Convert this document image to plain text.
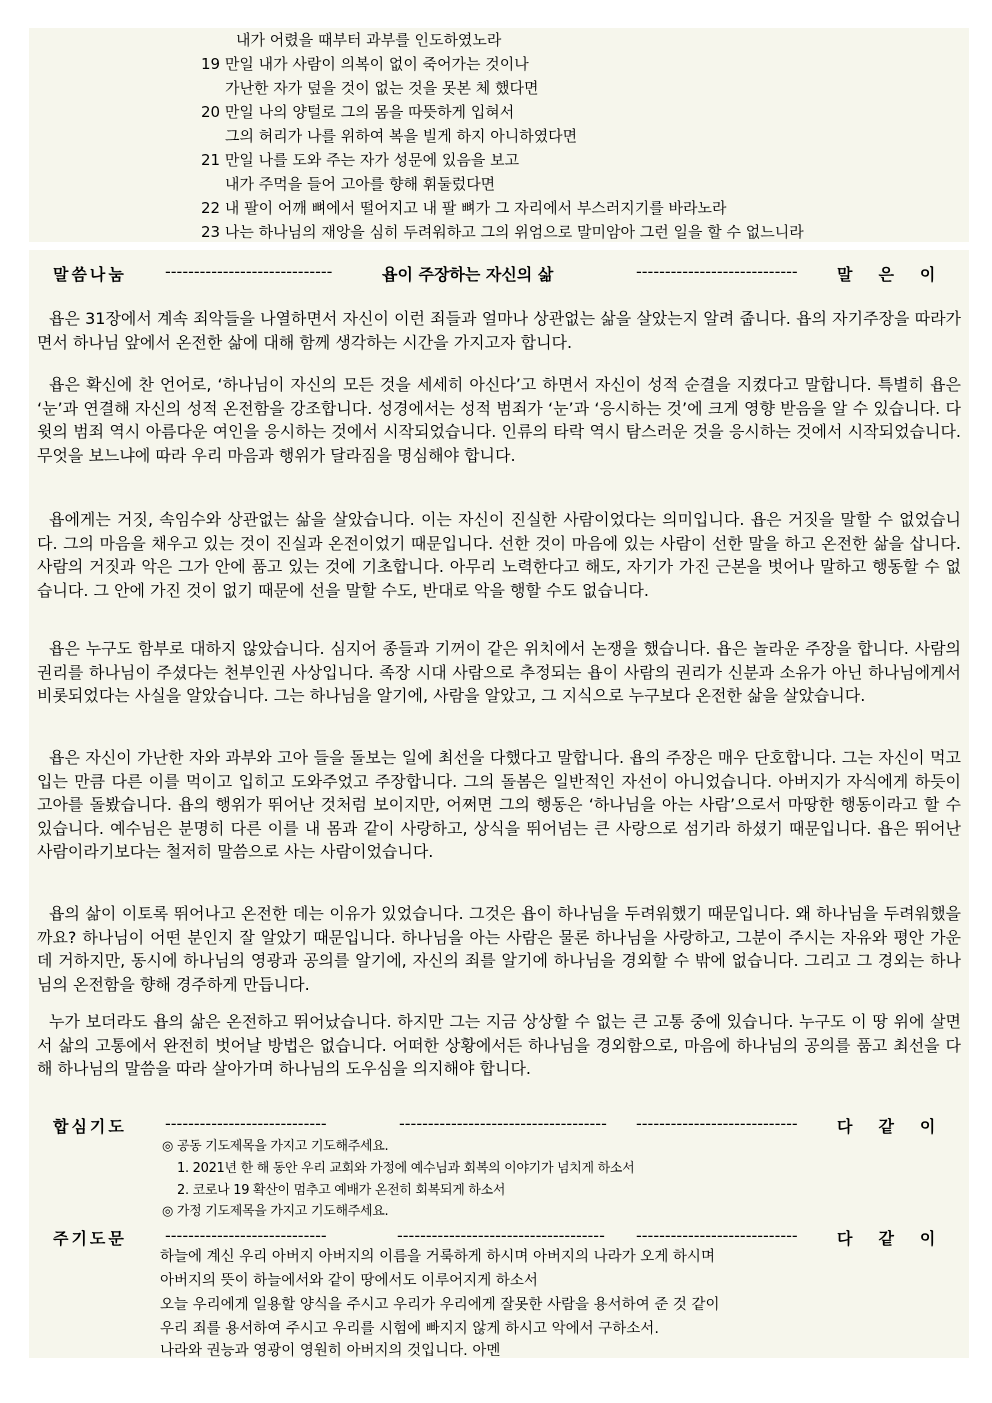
내가 어렸을 때부터 과부를 인도하였노라
19 만일 내가 사람이 의복이 없이 죽어가는 것이나
가난한 자가 덮을 것이 없는 것을 못본 체 했다면
20 만일 나의 양털로 그의 몸을 따뜻하게 입혀서
그의 허리가 나를 위하여 복을 빌게 하지 아니하였다면
21 만일 나를 도와 주는 자가 성문에 있음을 보고
내가 주먹을 들어 고아를 향해 휘둘렀다면
22 내 팔이 어깨 뼈에서 떨어지고 내 팔 뼈가 그 자리에서 부스러지기를 바라노라
23 나는 하나님의 재앙을 심히 두려워하고 그의 위엄으로 말미암아 그런 일을 할 수 없느니라
말씀나눔 -----------------------------	욥이 주장하는 자신의 삶	---------------------------- 말은이

욥은 31장에서 계속 죄악들을 나열하면서 자신이 이런 죄들과 얼마나 상관없는 삶을 살았는지 알려 줍니다. 욥의 자기주장을 따라가면서 하나님 앞에서 온전한 삶에 대해 함께 생각하는 시간을 가지고자 합니다.

욥은 확신에 찬 언어로, ‘하나님이 자신의 모든 것을 세세히 아신다’고 하면서 자신이 성적 순결을 지켰다고 말합니다. 특별히 욥은 ‘눈’과 연결해 자신의 성적 온전함을 강조합니다. 성경에서는 성적 범죄가 ‘눈’과 ‘응시하는 것’에 크게 영향 받음을 알 수 있습니다. 다윗의 범죄 역시 아름다운 여인을 응시하는 것에서 시작되었습니다. 인류의 타락 역시 탐스러운 것을 응시하는 것에서 시작되었습니다. 무엇을 보느냐에 따라 우리 마음과 행위가 달라짐을 명심해야 합니다.

욥에게는 거짓, 속임수와 상관없는 삶을 살았습니다. 이는 자신이 진실한 사람이었다는 의미입니다. 욥은 거짓을 말할 수 없었습니다. 그의 마음을 채우고 있는 것이 진실과 온전이었기 때문입니다. 선한 것이 마음에 있는 사람이 선한 말을 하고 온전한 삶을 삽니다. 사람의 거짓과 악은 그가 안에 품고 있는 것에 기초합니다. 아무리 노력한다고 해도, 자기가 가진 근본을 벗어나 말하고 행동할 수 없습니다. 그 안에 가진 것이 없기 때문에 선을 말할 수도, 반대로 악을 행할 수도 없습니다.

욥은 누구도 함부로 대하지 않았습니다. 심지어 종들과 기꺼이 같은 위치에서 논쟁을 했습니다. 욥은 놀라운 주장을 합니다. 사람의 권리를 하나님이 주셨다는 천부인권 사상입니다. 족장 시대 사람으로 추정되는 욥이 사람의 권리가 신분과 소유가 아닌 하나님에게서 비롯되었다는 사실을 알았습니다. 그는 하나님을 알기에, 사람을 알았고, 그 지식으로 누구보다 온전한 삶을 살았습니다.

욥은 자신이 가난한 자와 과부와 고아 들을 돌보는 일에 최선을 다했다고 말합니다. 욥의 주장은 매우 단호합니다. 그는 자신이 먹고 입는 만큼 다른 이를 먹이고 입히고 도와주었고 주장합니다. 그의 돌봄은 일반적인 자선이 아니었습니다. 아버지가 자식에게 하듯이 고아를 돌봤습니다. 욥의 행위가 뛰어난 것처럼 보이지만, 어쩌면 그의 행동은 ‘하나님을 아는 사람’으로서 마땅한 행동이라고 할 수 있습니다. 예수님은 분명히 다른 이를 내 몸과 같이 사랑하고, 상식을 뛰어넘는 큰 사랑으로 섬기라 하셨기 때문입니다. 욥은 뛰어난 사람이라기보다는 철저히 말씀으로 사는 사람이었습니다.

욥의 삶이 이토록 뛰어나고 온전한 데는 이유가 있었습니다. 그것은 욥이 하나님을 두려워했기 때문입니다. 왜 하나님을 두려워했을까요? 하나님이 어떤 분인지 잘 알았기 때문입니다. 하나님을 아는 사람은 물론 하나님을 사랑하고, 그분이 주시는 자유와 평안 가운데 거하지만, 동시에 하나님의 영광과 공의를 알기에, 자신의 죄를 알기에 하나님을 경외할 수 밖에 없습니다. 그리고 그 경외는 하나님의 온전함을 향해 경주하게 만듭니다.

누가 보더라도 욥의 삶은 온전하고 뛰어났습니다. 하지만 그는 지금 상상할 수 없는 큰 고통 중에 있습니다. 누구도 이 땅 위에 살면서 삶의 고통에서 완전히 벗어날 방법은 없습니다. 어떠한 상황에서든 하나님을 경외함으로, 마음에 하나님의 공의를 품고 최선을 다해 하나님의 말씀을 따라 살아가며 하나님의 도우심을 의지해야 합니다.

합심기도 ----------------------------	------------------------------------ ---------------------------- 다같이
◎ 공동 기도제목을 가지고 기도해주세요.
1. 2021년 한 해 동안 우리 교회와 가정에 예수님과 회복의 이야기가 넘치게 하소서
2. 코로나 19 확산이 멈추고 예배가 온전히 회복되게 하소서
◎ 가정 기도제목을 가지고 기도해주세요.
주기도문 ----------------------------	------------------------------------ ---------------------------- 다같이
하늘에 계신 우리 아버지 아버지의 이름을 거룩하게 하시며 아버지의 나라가 오게 하시며
아버지의 뜻이 하늘에서와 같이 땅에서도 이루어지게 하소서
오늘 우리에게 일용할 양식을 주시고 우리가 우리에게 잘못한 사람을 용서하여 준 것 같이
우리 죄를 용서하여 주시고 우리를 시험에 빠지지 않게 하시고 악에서 구하소서.
나라와 권능과 영광이 영원히 아버지의 것입니다. 아멘
